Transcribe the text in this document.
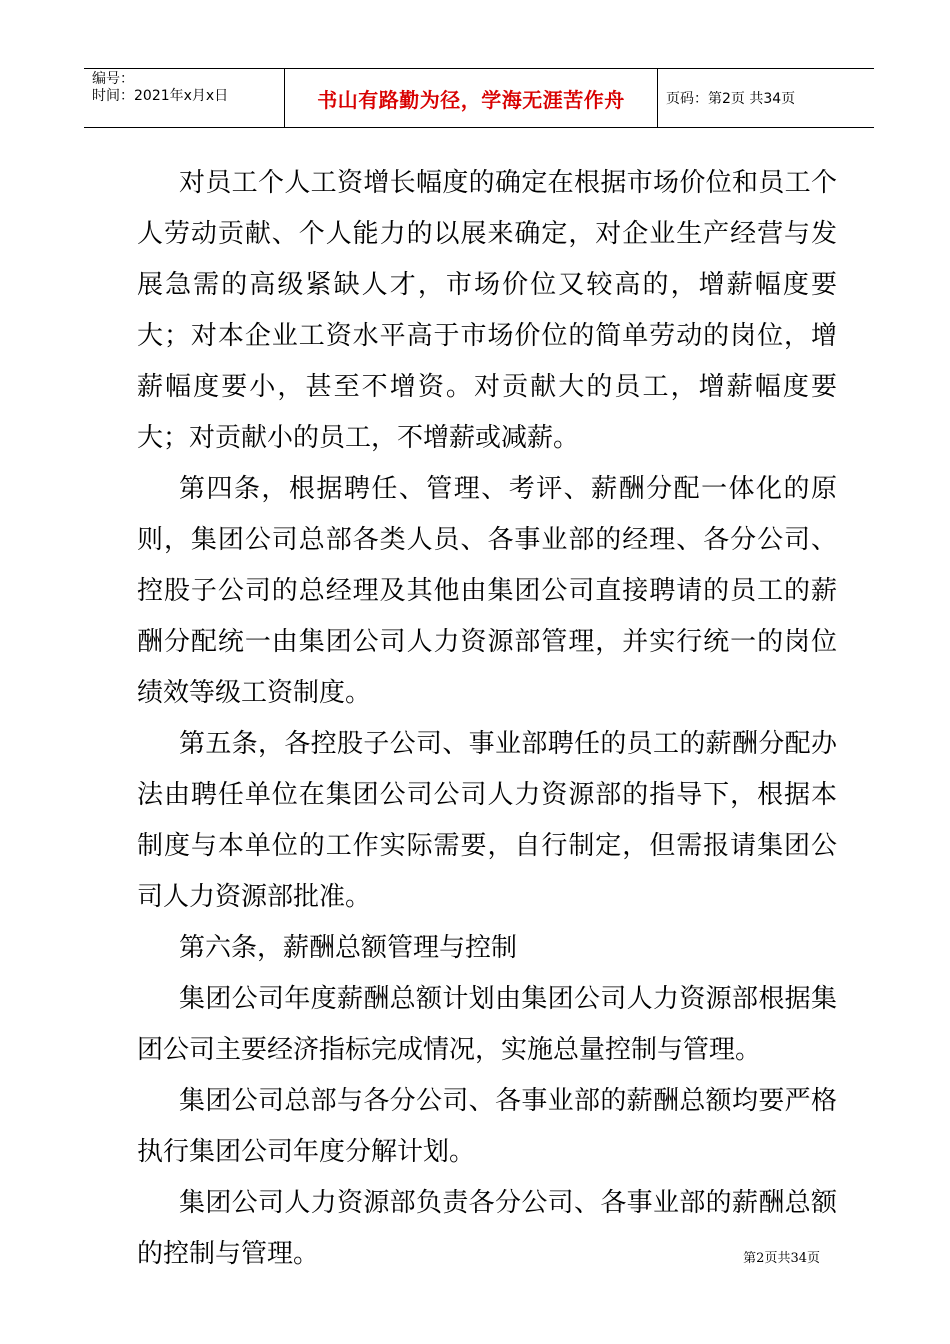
编号：
时间：2021年x月x日	书山有路勤为径，学海无涯苦作舟	页码：第2页 共34页

对员工个人工资增长幅度的确定在根据市场价位和员工个人劳动贡献、个人能力的以展来确定，对企业生产经营与发展急需的高级紧缺人才，市场价位又较高的，增薪幅度要大；对本企业工资水平高于市场价位的简单劳动的岗位，增薪幅度要小，甚至不增资。对贡献大的员工，增薪幅度要大；对贡献小的员工，不增薪或减薪。

第四条，根据聘任、管理、考评、薪酬分配一体化的原则，集团公司总部各类人员、各事业部的经理、各分公司、控股子公司的总经理及其他由集团公司直接聘请的员工的薪酬分配统一由集团公司人力资源部管理，并实行统一的岗位绩效等级工资制度。

第五条，各控股子公司、事业部聘任的员工的薪酬分配办法由聘任单位在集团公司公司人力资源部的指导下，根据本制度与本单位的工作实际需要，自行制定，但需报请集团公司人力资源部批准。

第六条，薪酬总额管理与控制

集团公司年度薪酬总额计划由集团公司人力资源部根据集团公司主要经济指标完成情况，实施总量控制与管理。

集团公司总部与各分公司、各事业部的薪酬总额均要严格执行集团公司年度分解计划。

集团公司人力资源部负责各分公司、各事业部的薪酬总额的控制与管理。	第2页共34页
